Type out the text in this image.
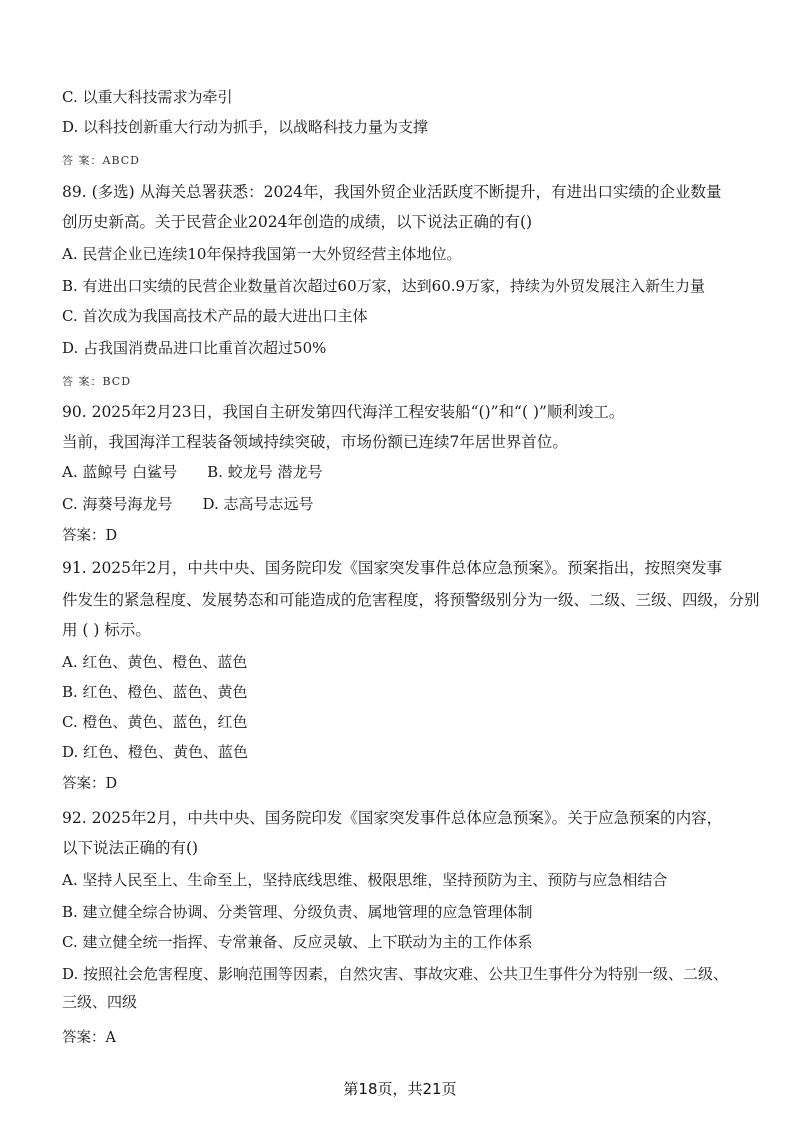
C. 以重大科技需求为牵引
D. 以科技创新重大行动为抓手，以战略科技力量为支撑
答 案：ABCD
89. (多选) 从海关总署获悉：2024年，我国外贸企业活跃度不断提升，有进出口实绩的企业数量
创历史新高。关于民营企业2024年创造的成绩，以下说法正确的有()
A. 民营企业已连续10年保持我国第一大外贸经营主体地位。
B. 有进出口实绩的民营企业数量首次超过60万家，达到60.9万家，持续为外贸发展注入新生力量
C. 首次成为我国高技术产品的最大进出口主体
D. 占我国消费品进口比重首次超过50%
答 案：BCD
90. 2025年2月23日，我国自主研发第四代海洋工程安装船“()”和“( )”顺利竣工。
当前，我国海洋工程装备领域持续突破，市场份额已连续7年居世界首位。
A. 蓝鲸号 白鲨号 B. 蛟龙号 潜龙号
C. 海葵号海龙号 D. 志高号志远号
答案：D
91. 2025年2月，中共中央、国务院印发《国家突发事件总体应急预案》。预案指出，按照突发事
件发生的紧急程度、发展势态和可能造成的危害程度，将预警级别分为一级、二级、三级、四级，分别
用 ( ) 标示。
A. 红色、黄色、橙色、蓝色
B. 红色、橙色、蓝色、黄色
C. 橙色、黄色、蓝色，红色
D. 红色、橙色、黄色、蓝色
答案：D
92. 2025年2月，中共中央、国务院印发《国家突发事件总体应急预案》。关于应急预案的内容，
以下说法正确的有()
A. 坚持人民至上、生命至上，坚持底线思维、极限思维，坚持预防为主、预防与应急相结合
B. 建立健全综合协调、分类管理、分级负责、属地管理的应急管理体制
C. 建立健全统一指挥、专常兼备、反应灵敏、上下联动为主的工作体系
D. 按照社会危害程度、影响范围等因素，自然灾害、事故灾难、公共卫生事件分为特别一级、二级、
三级、四级
答案：A
第18页，共21页
